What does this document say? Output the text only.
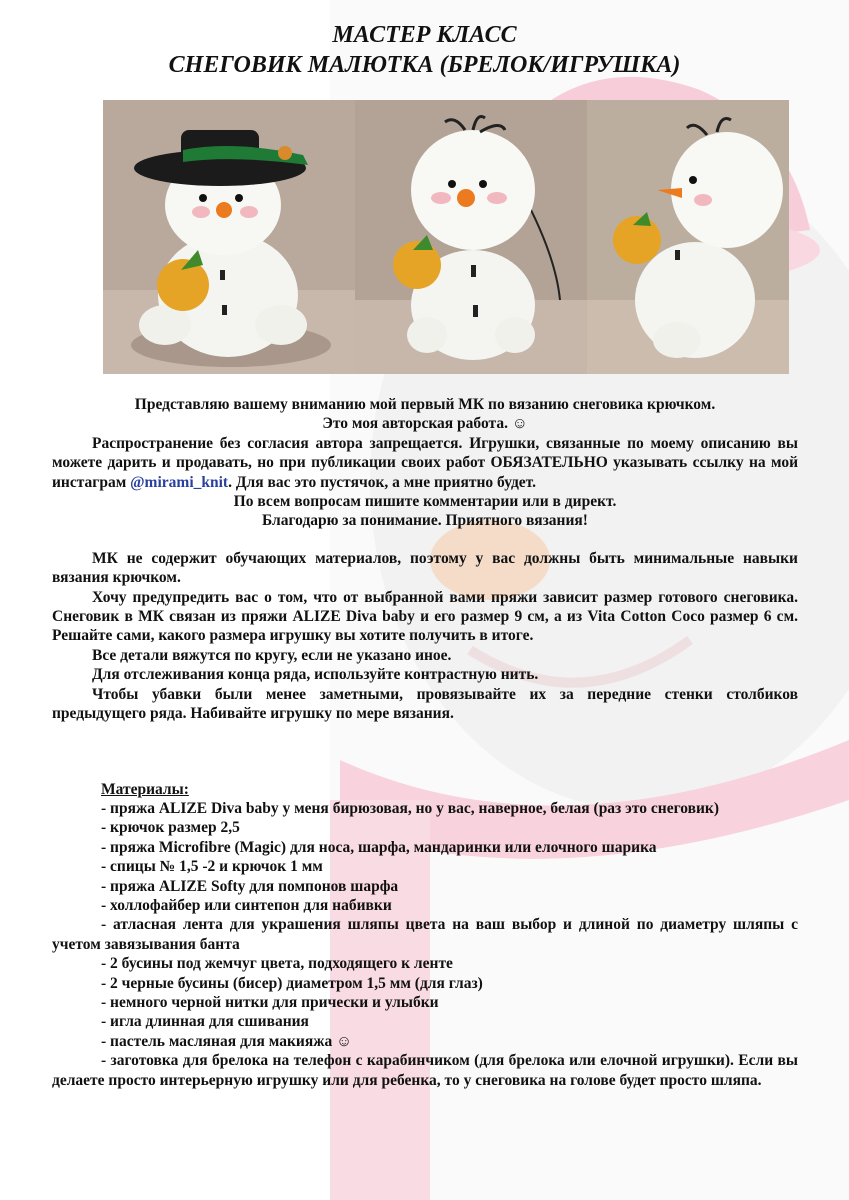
МАСТЕР КЛАСС
СНЕГОВИК МАЛЮТКА (БРЕЛОК/ИГРУШКА)

Представляю вашему вниманию мой первый МК по вязанию снеговика крючком.

Это моя авторская работа. ☺

Распространение без согласия автора запрещается. Игрушки, связанные по моему описанию вы можете дарить и продавать, но при публикации своих работ ОБЯЗАТЕЛЬНО указывать ссылку на мой инстаграм @mirami_knit. Для вас это пустячок, а мне приятно будет.

По всем вопросам пишите комментарии или в директ.

Благодарю за понимание. Приятного вязания!

МК не содержит обучающих материалов, поэтому у вас должны быть минимальные навыки вязания крючком.

Хочу предупредить вас о том, что от выбранной вами пряжи зависит размер готового снеговика. Снеговик в МК связан из пряжи ALIZE Diva baby и его размер 9 см, а из Vita Cotton Coco размер 6 см. Решайте сами, какого размера игрушку вы хотите получить в итоге.

Все детали вяжутся по кругу, если не указано иное.

Для отслеживания конца ряда, используйте контрастную нить.

Чтобы убавки были менее заметными, провязывайте их за передние стенки столбиков предыдущего ряда. Набивайте игрушку по мере вязания.

Материалы:

- пряжа ALIZE Diva baby у меня бирюзовая, но у вас, наверное, белая (раз это снеговик)

- крючок размер 2,5

- пряжа Microfibre (Magic) для носа, шарфа, мандаринки или елочного шарика

- спицы № 1,5 -2 и крючок 1 мм

- пряжа ALIZE Softy для помпонов шарфа

- холлофайбер или синтепон для набивки

- атласная лента для украшения шляпы цвета на ваш выбор и длиной по диаметру шляпы с учетом завязывания банта

- 2 бусины под жемчуг цвета, подходящего к ленте

- 2 черные бусины (бисер) диаметром 1,5 мм (для глаз)

- немного черной нитки для прически и улыбки

- игла длинная для сшивания

- пастель масляная для макияжа ☺

- заготовка для брелока на телефон с карабинчиком (для брелока или елочной игрушки). Если вы делаете просто интерьерную игрушку или для ребенка, то у снеговика на голове будет просто шляпа.
